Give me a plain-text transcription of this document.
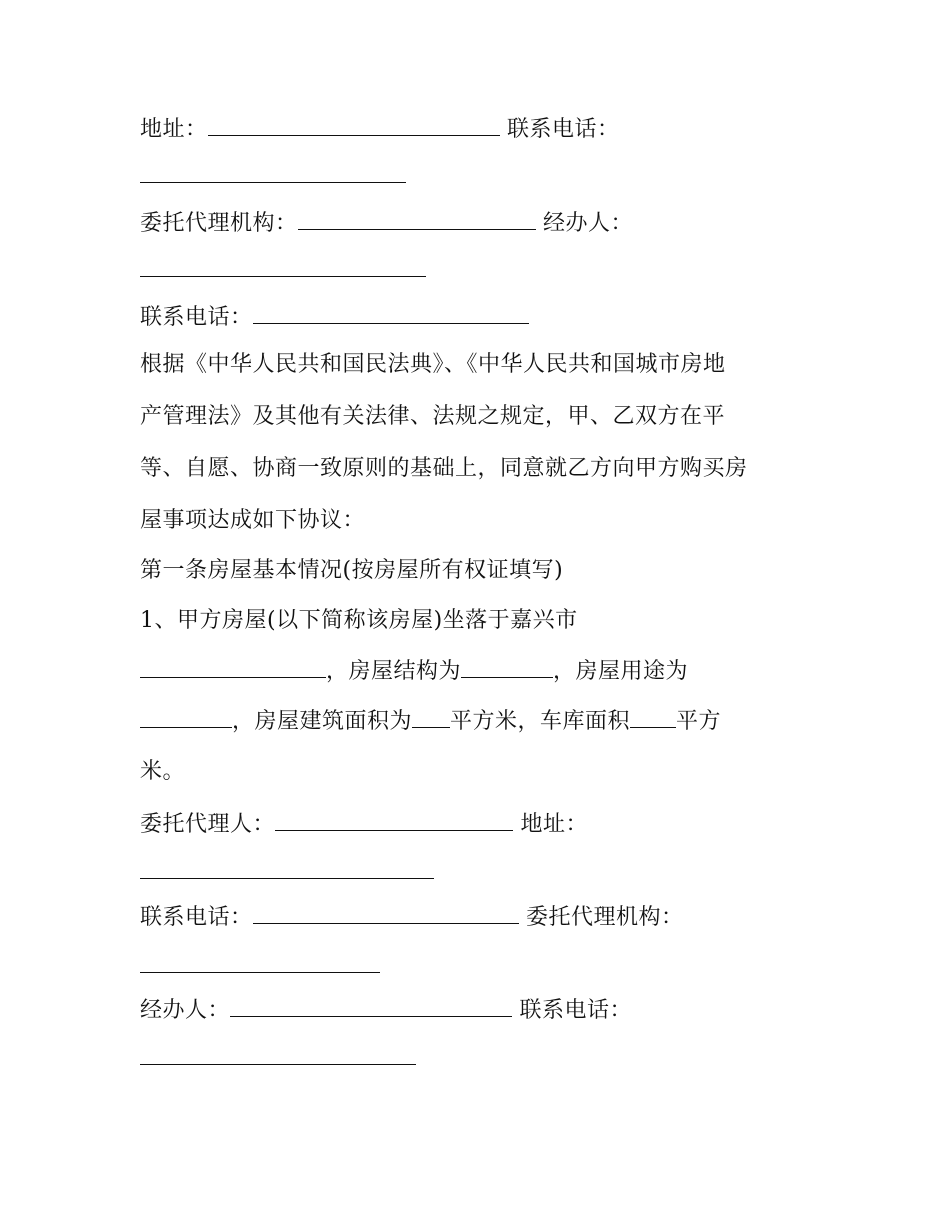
地址：	联系电话：
委托代理机构：	经办人：
联系电话：
根据《中华人民共和国民法典》、《中华人民共和国城市房地
产管理法》及其他有关法律、法规之规定，甲、乙双方在平
等、自愿、协商一致原则的基础上，同意就乙方向甲方购买房
屋事项达成如下协议：
第一条房屋基本情况(按房屋所有权证填写)
1、甲方房屋(以下简称该房屋)坐落于嘉兴市
，房屋结构为	，房屋用途为
，房屋建筑面积为 平方米，车库面积 平方
米。
委托代理人：	地址：
联系电话：	委托代理机构：
经办人：	联系电话：
